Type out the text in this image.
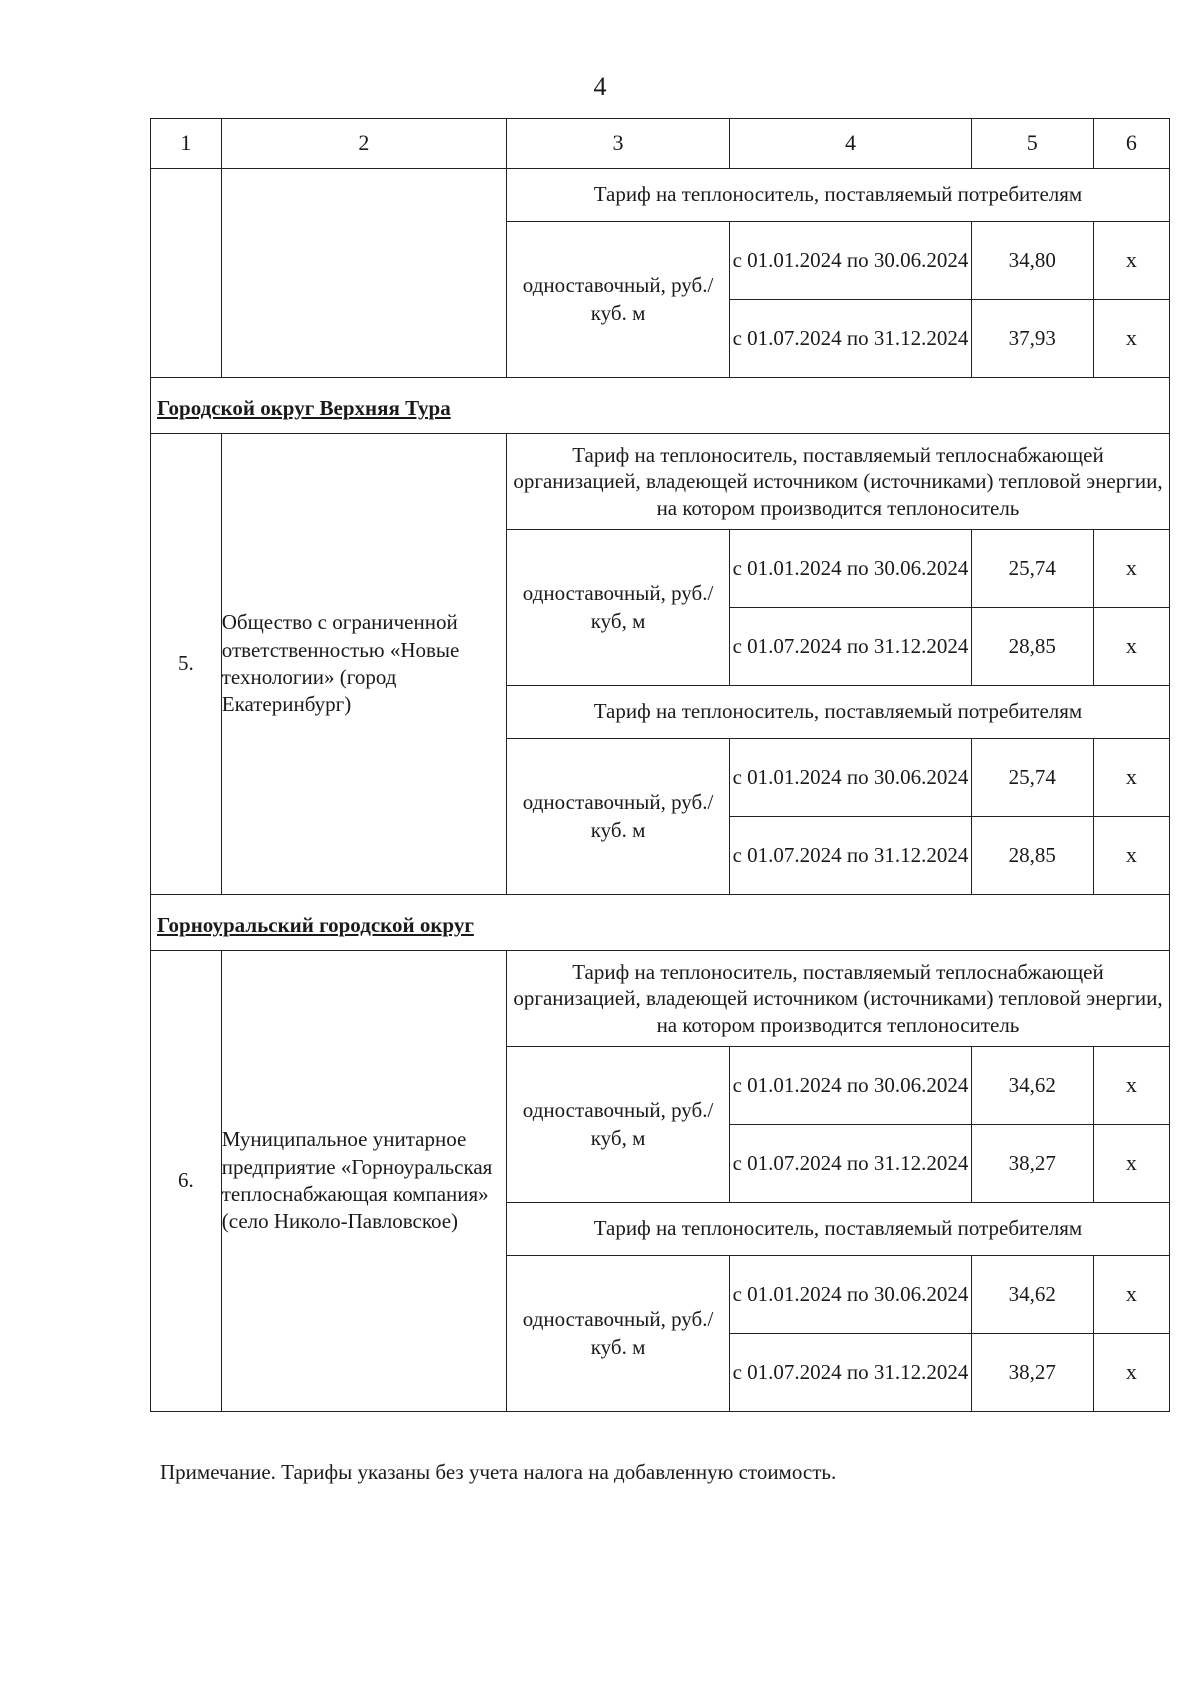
4
1	2	3	4	5	6
		Тариф на теплоноситель, поставляемый потребителям			
		одноставочный, руб./куб. м	с 01.01.2024 по 30.06.2024	34,80	х
			с 01.07.2024 по 31.12.2024	37,93	х
Городской округ Верхняя Тура					
5.	Общество с ограниченной ответственностью «Новые технологии» (город Екатеринбург)	Тариф на теплоноситель, поставляемый теплоснабжающей организацией, владеющей источником (источниками) тепловой энергии, на котором производится теплоноситель			
		одноставочный, руб./куб, м	с 01.01.2024 по 30.06.2024	25,74	х
			с 01.07.2024 по 31.12.2024	28,85	х
		Тариф на теплоноситель, поставляемый потребителям			
		одноставочный, руб./куб. м	с 01.01.2024 по 30.06.2024	25,74	х
			с 01.07.2024 по 31.12.2024	28,85	х
Горноуральский городской округ					
6.	Муниципальное унитарное предприятие «Горноуральская теплоснабжающая компания» (село Николо-Павловское)	Тариф на теплоноситель, поставляемый теплоснабжающей организацией, владеющей источником (источниками) тепловой энергии, на котором производится теплоноситель			
		одноставочный, руб./куб, м	с 01.01.2024 по 30.06.2024	34,62	х
			с 01.07.2024 по 31.12.2024	38,27	х
		Тариф на теплоноситель, поставляемый потребителям			
		одноставочный, руб./куб. м	с 01.01.2024 по 30.06.2024	34,62	х
			с 01.07.2024 по 31.12.2024	38,27	х
Примечание. Тарифы указаны без учета налога на добавленную стоимость.
